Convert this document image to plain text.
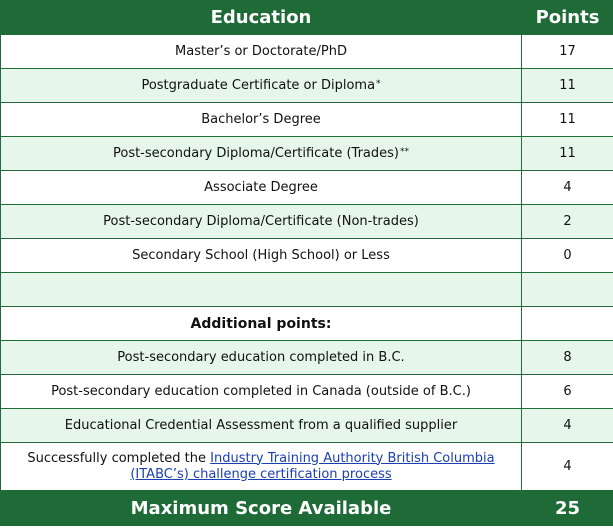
Education	Points
Master’s or Doctorate/PhD	17
Postgraduate Certificate or Diploma*	11
Bachelor’s Degree	11
Post-secondary Diploma/Certificate (Trades)**	11
Associate Degree	4
Post-secondary Diploma/Certificate (Non-trades)	2
Secondary School (High School) or Less	0

Additional points:	
Post-secondary education completed in B.C.	8
Post-secondary education completed in Canada (outside of B.C.)	6
Educational Credential Assessment from a qualified supplier	4
Successfully completed the Industry Training Authority British Columbia (ITABC’s) challenge certification process	4
Maximum Score Available	25
